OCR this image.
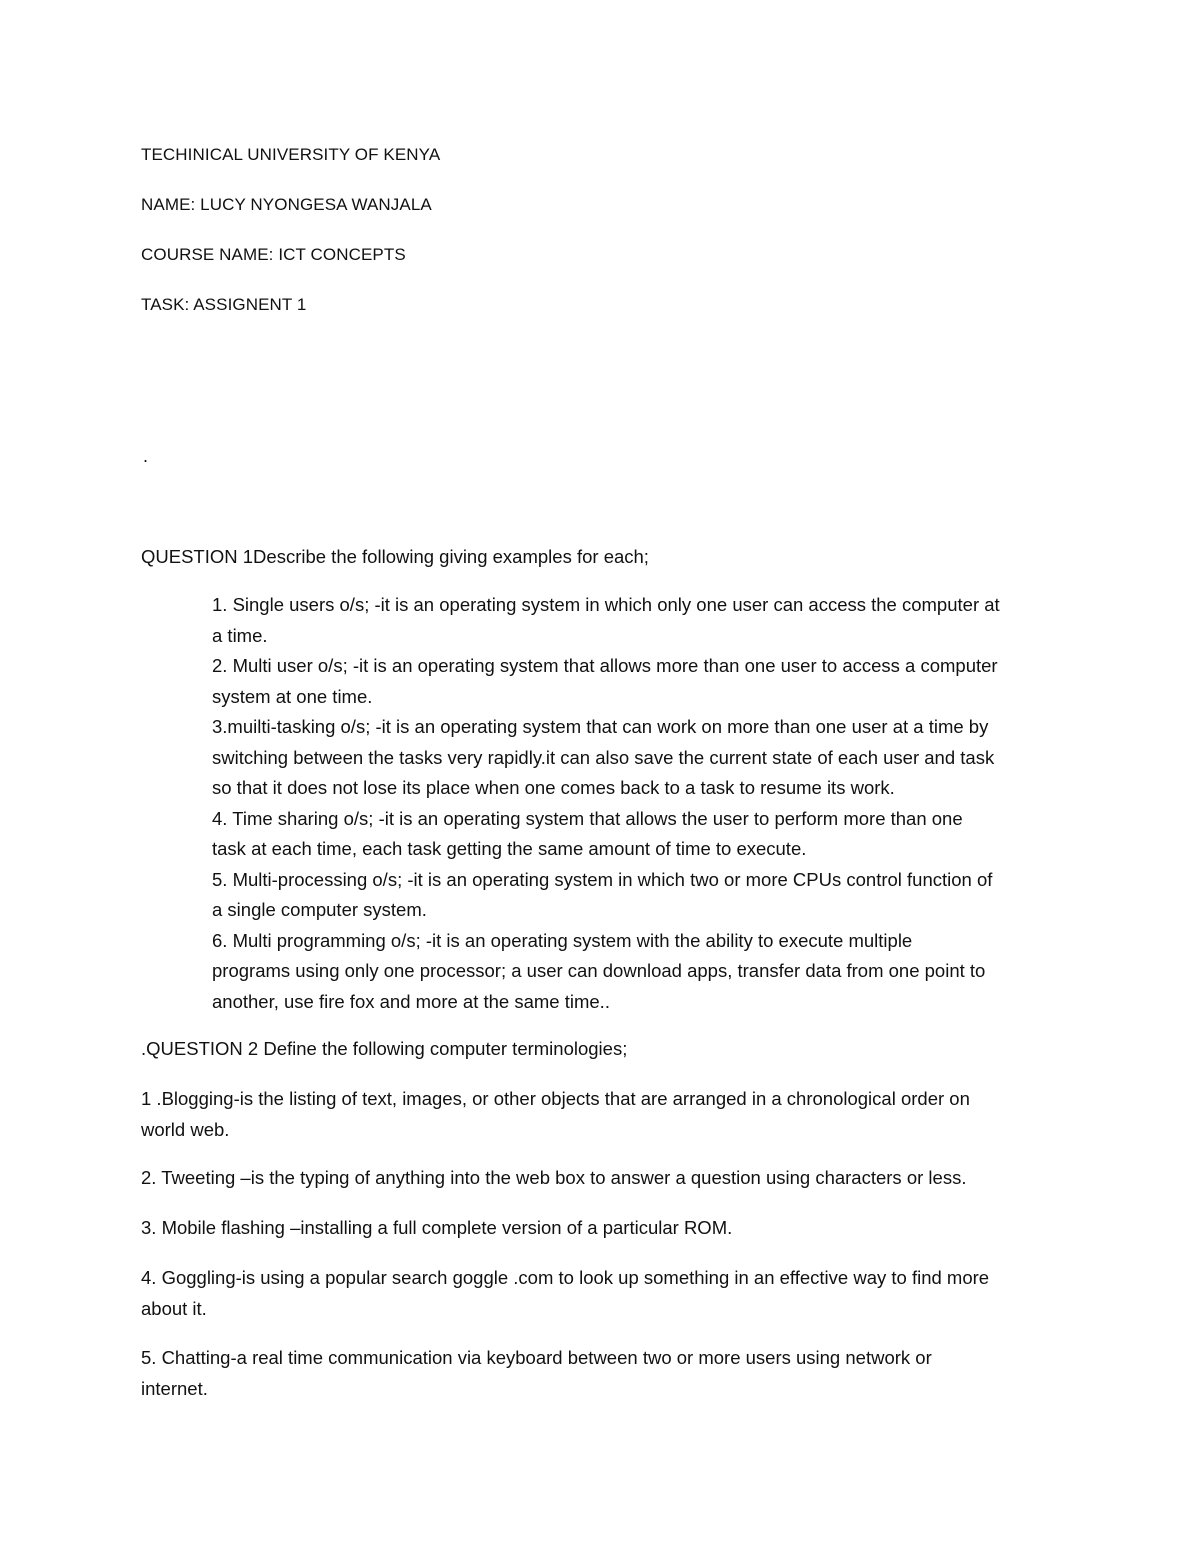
TECHINICAL UNIVERSITY OF KENYA
NAME: LUCY NYONGESA WANJALA
COURSE NAME: ICT CONCEPTS
TASK: ASSIGNENT 1
.
QUESTION 1Describe the following giving examples for each;
1. Single users o/s; -it is an operating system in which only one user can access the computer at
a time.
2. Multi user o/s; -it is an operating system that allows more than one user to access a computer
system at one time.
3.muilti-tasking o/s; -it is an operating system that can work on more than one user at a time by
switching between the tasks very rapidly.it can also save the current state of each user and task
so that it does not lose its place when one comes back to a task to resume its work.
4. Time sharing o/s; -it is an operating system that allows the user to perform more than one
task at each time, each task getting the same amount of time to execute.
5. Multi-processing o/s; -it is an operating system in which two or more CPUs control function of
a single computer system.
6. Multi programming o/s; -it is an operating system with the ability to execute multiple
programs using only one processor; a user can download apps, transfer data from one point to
another, use fire fox and more at the same time..
.QUESTION 2 Define the following computer terminologies;
1 .Blogging-is the listing of text, images, or other objects that are arranged in a chronological order on
world web.
2. Tweeting –is the typing of anything into the web box to answer a question using characters or less.
3. Mobile flashing –installing a full complete version of a particular ROM.
4. Goggling-is using a popular search goggle .com to look up something in an effective way to find more
about it.
5. Chatting-a real time communication via keyboard between two or more users using network or
internet.
